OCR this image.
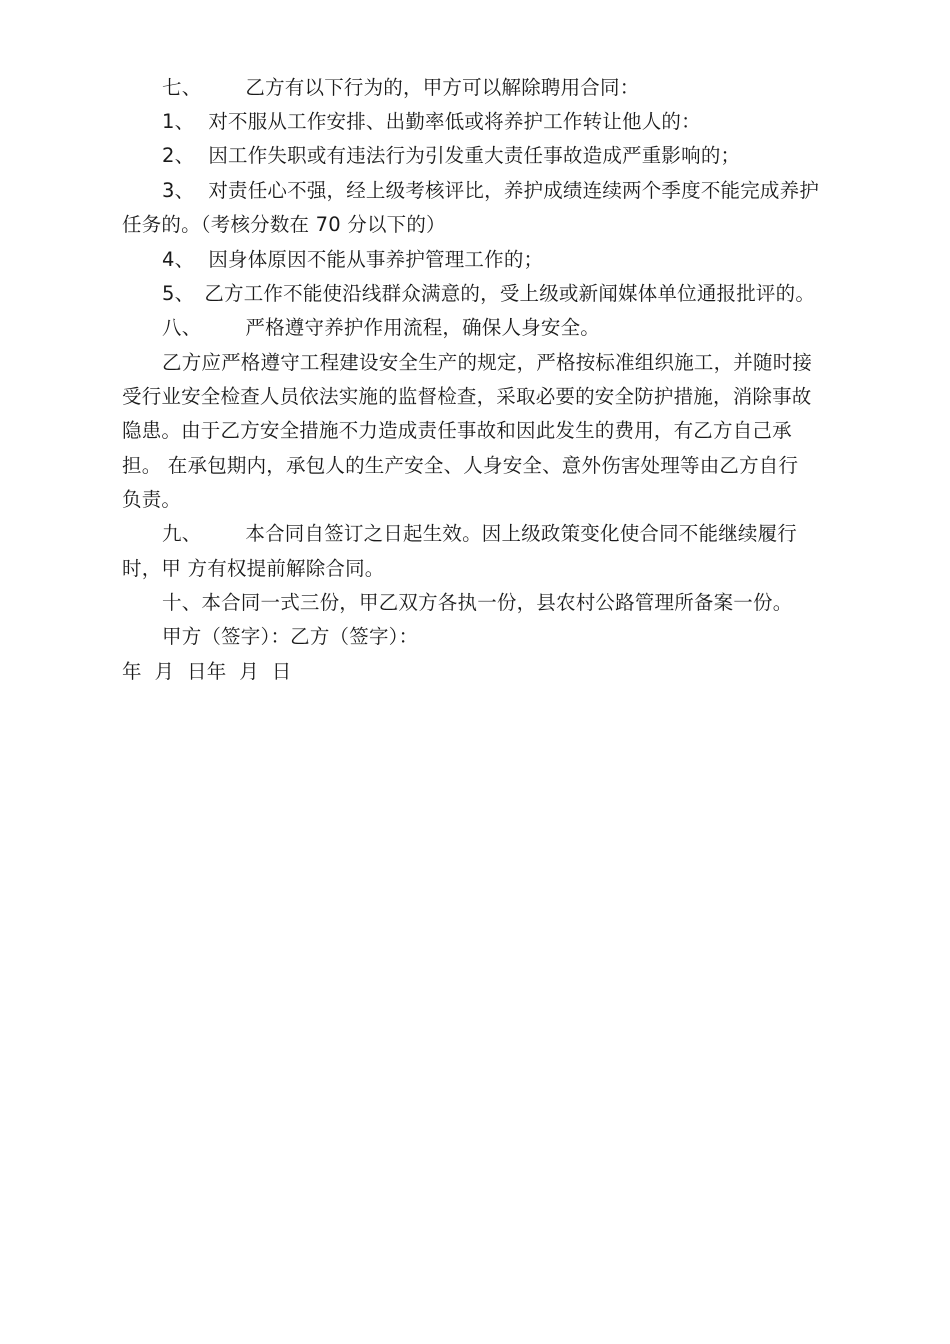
七、 乙方有以下行为的，甲方可以解除聘用合同：
1、 对不服从工作安排、出勤率低或将养护工作转让他人的：
2、 因工作失职或有违法行为引发重大责任事故造成严重影响的；
3、 对责任心不强，经上级考核评比，养护成绩连续两个季度不能完成养护
任务的。（考核分数在 70 分以下的）
4、 因身体原因不能从事养护管理工作的；
5、 乙方工作不能使沿线群众满意的，受上级或新闻媒体单位通报批评的。
八、 严格遵守养护作用流程，确保人身安全。
乙方应严格遵守工程建设安全生产的规定，严格按标准组织施工，并随时接
受行业安全检查人员依法实施的监督检查，采取必要的安全防护措施，消除事故
隐患。由于乙方安全措施不力造成责任事故和因此发生的费用，有乙方自己承
担。 在承包期内，承包人的生产安全、人身安全、意外伤害处理等由乙方自行
负责。
九、 本合同自签订之日起生效。因上级政策变化使合同不能继续履行
时，甲 方有权提前解除合同。
十、本合同一式三份，甲乙双方各执一份，县农村公路管理所备案一份。
甲方（签字）：乙方（签字）：
年  月  日年  月  日
